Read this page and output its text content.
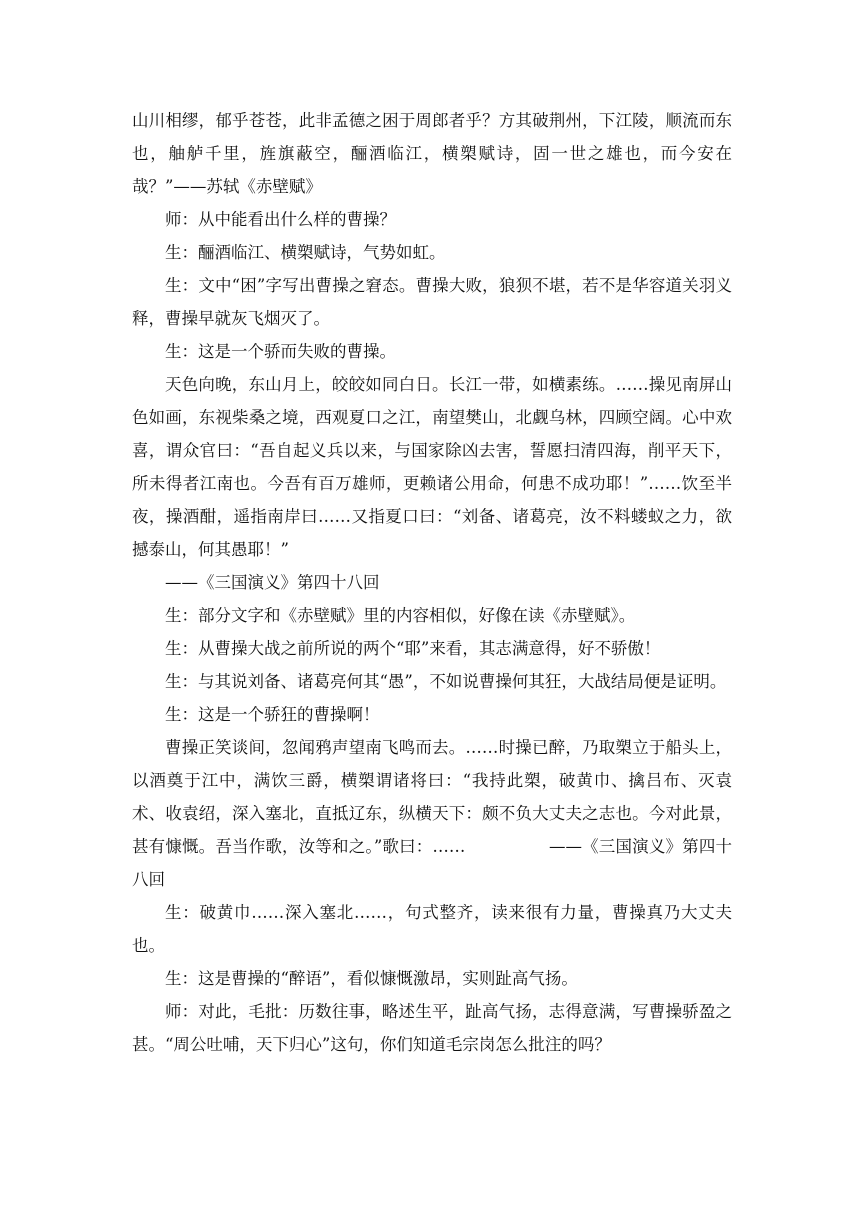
山川相缪，郁乎苍苍，此非孟德之困于周郎者乎？方其破荆州，下江陵，顺流而东也，舳舻千里，旌旗蔽空，酾酒临江，横槊赋诗，固一世之雄也，而今安在哉？”——苏轼《赤壁赋》

师：从中能看出什么样的曹操？

生：酾酒临江、横槊赋诗，气势如虹。

生：文中“困”字写出曹操之窘态。曹操大败，狼狈不堪，若不是华容道关羽义释，曹操早就灰飞烟灭了。

生：这是一个骄而失败的曹操。

天色向晚，东山月上，皎皎如同白日。长江一带，如横素练。……操见南屏山色如画，东视柴桑之境，西观夏口之江，南望樊山，北觑乌林，四顾空阔。心中欢喜，谓众官曰：“吾自起义兵以来，与国家除凶去害，誓愿扫清四海，削平天下，所未得者江南也。今吾有百万雄师，更赖诸公用命，何患不成功耶！”……饮至半夜，操酒酣，遥指南岸曰……又指夏口曰：“刘备、诸葛亮，汝不料蝼蚁之力，欲撼泰山，何其愚耶！”

——《三国演义》第四十八回

生：部分文字和《赤壁赋》里的内容相似，好像在读《赤壁赋》。

生：从曹操大战之前所说的两个“耶”来看，其志满意得，好不骄傲！

生：与其说刘备、诸葛亮何其“愚”，不如说曹操何其狂，大战结局便是证明。

生：这是一个骄狂的曹操啊！

曹操正笑谈间，忽闻鸦声望南飞鸣而去。……时操已醉，乃取槊立于船头上，以酒奠于江中，满饮三爵，横槊谓诸将曰：“我持此槊，破黄巾、擒吕布、灭袁术、收袁绍，深入塞北，直抵辽东，纵横天下：颇不负大丈夫之志也。今对此景，甚有慷慨。吾当作歌，汝等和之。”歌曰：……　　　　　——《三国演义》第四十八回

生：破黄巾……深入塞北……，句式整齐，读来很有力量，曹操真乃大丈夫也。

生：这是曹操的“醉语”，看似慷慨激昂，实则趾高气扬。

师：对此，毛批：历数往事，略述生平，趾高气扬，志得意满，写曹操骄盈之甚。“周公吐哺，天下归心”这句，你们知道毛宗岗怎么批注的吗？
